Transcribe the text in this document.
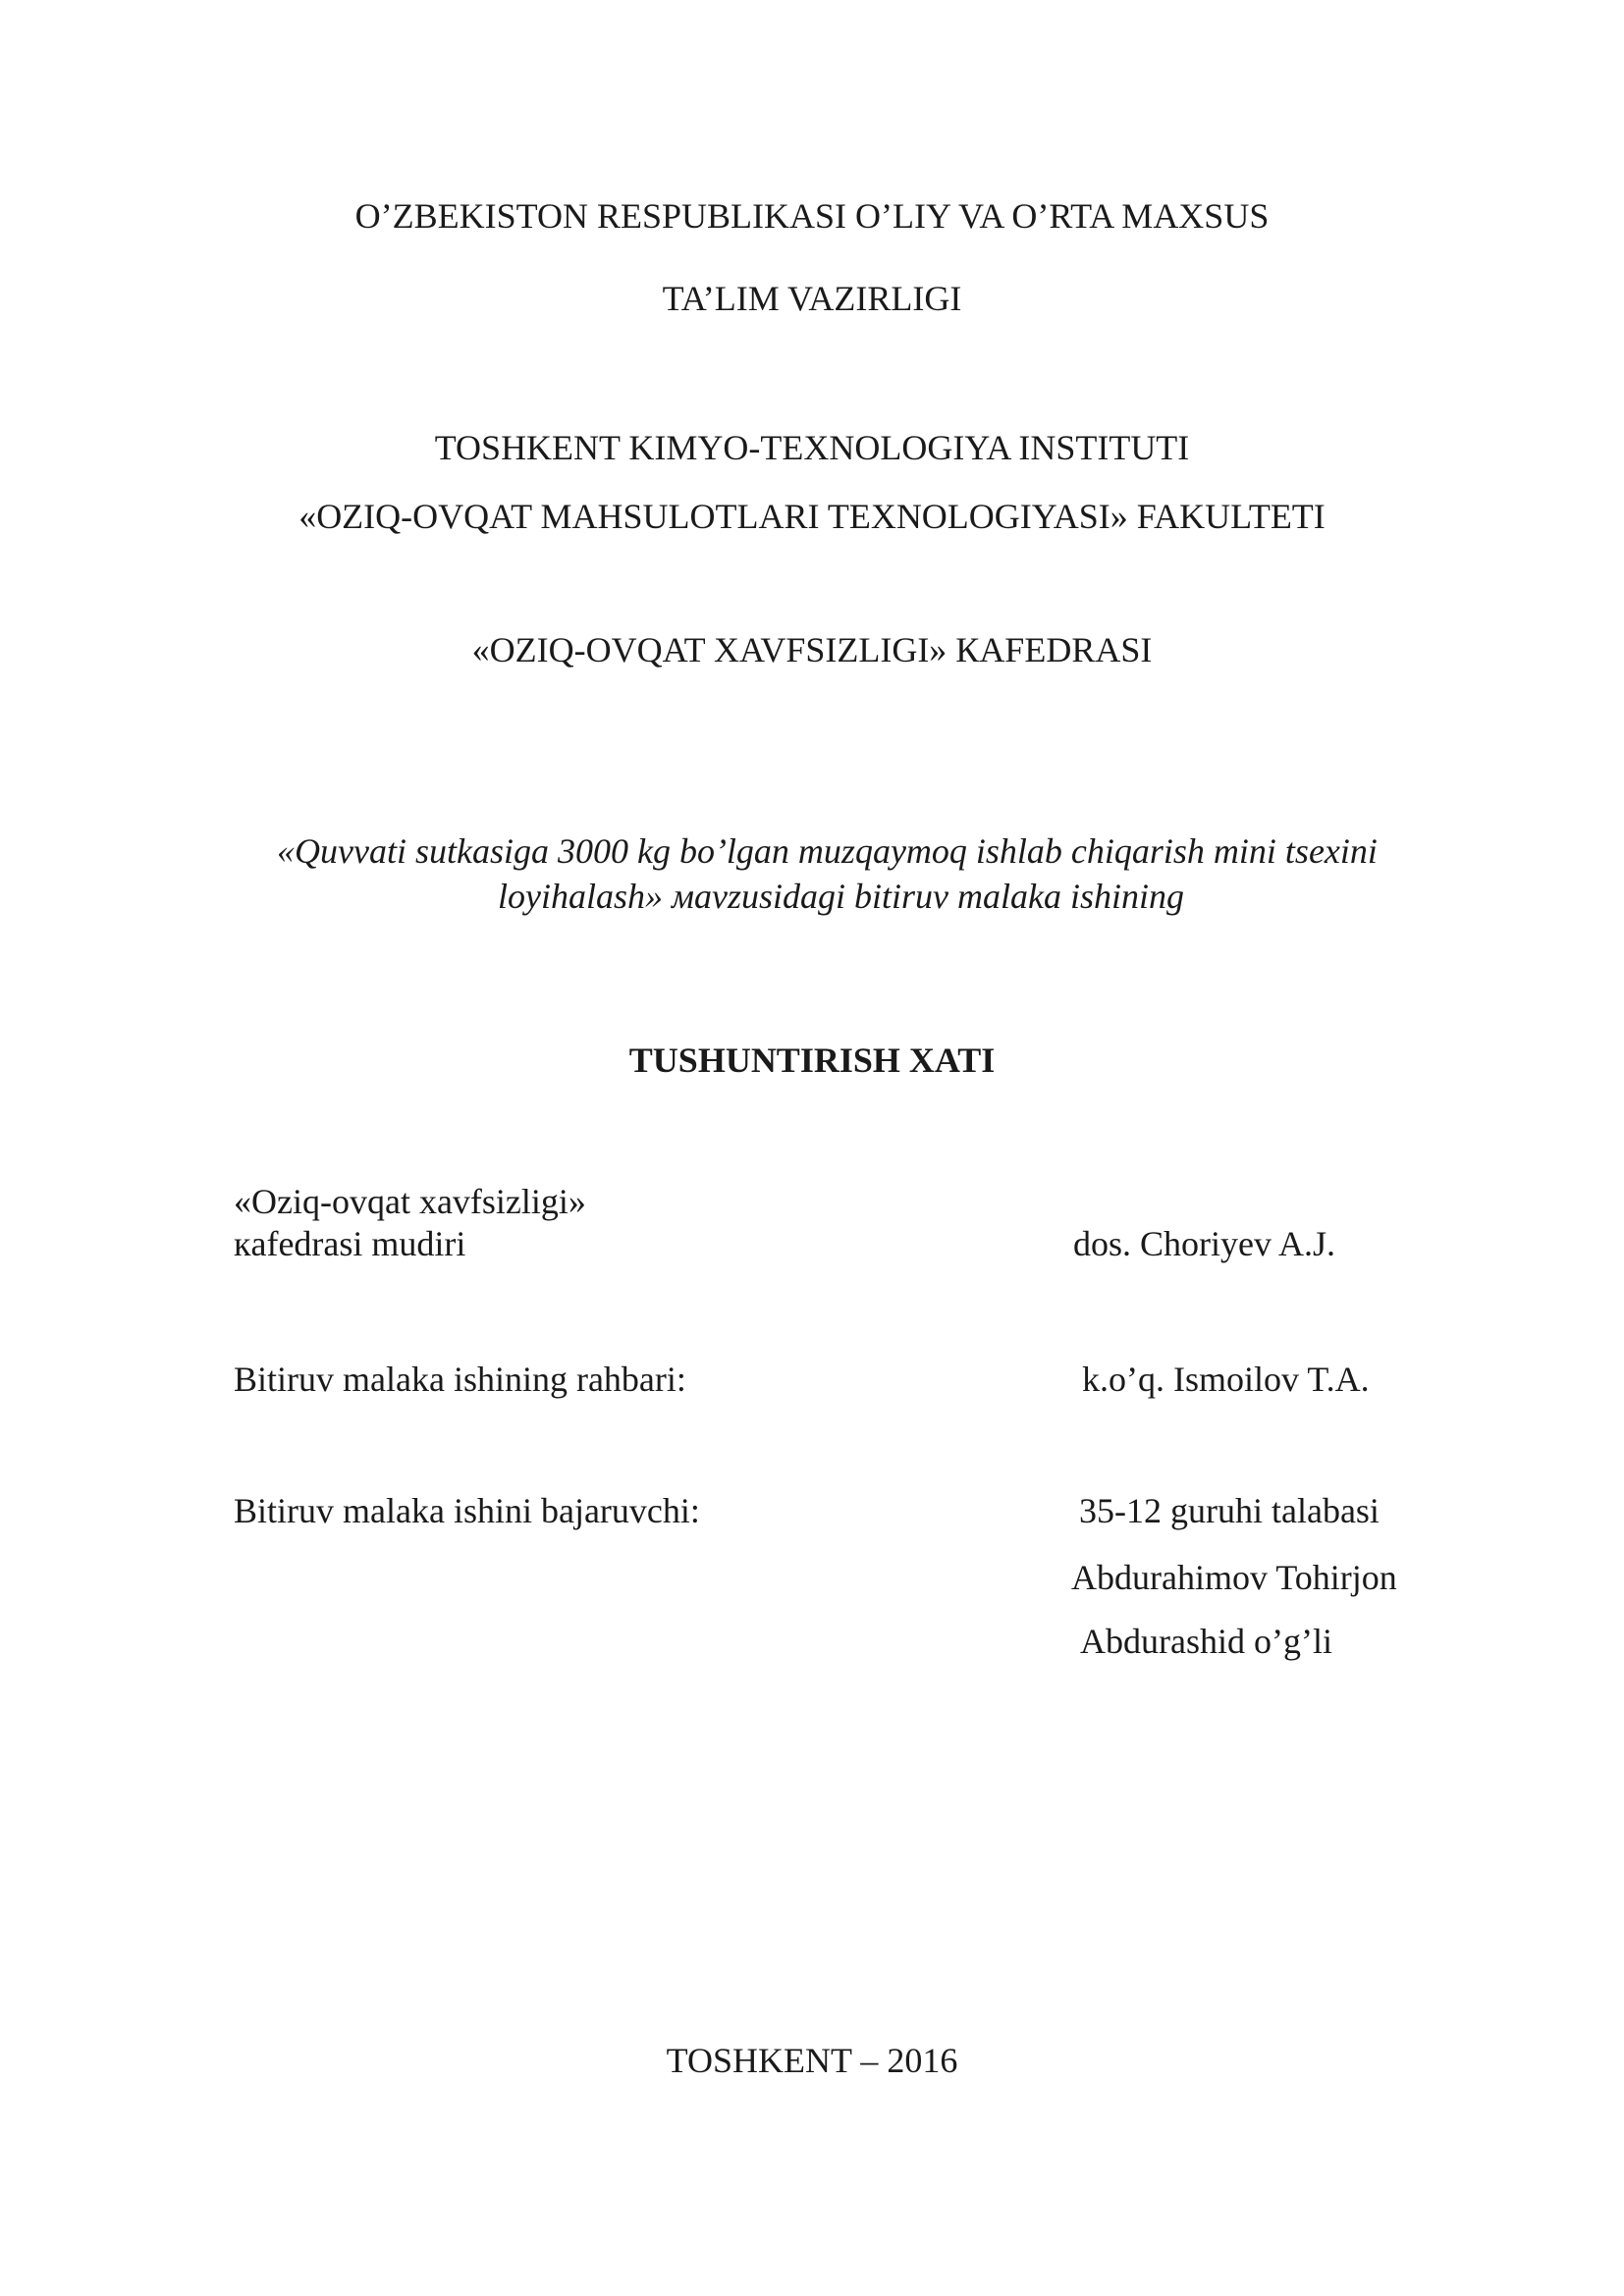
O’ZBEKISTON RESPUBLIKASI O’LIY VA O’RTA MAXSUS
TA’LIM VAZIRLIGI
TOSHKENT KIMYO-TEXNOLOGIYA INSTITUTI
«OZIQ-OVQAT MAHSULOTLARI TEXNOLOGIYASI» FAKULTETI
«OZIQ-OVQAT XAVFSIZLIGI» КAFEDRASI
«Quvvati sutkasiga 3000 kg bo’lgan muzqaymoq ishlab chiqarish mini tsexini
loyihalash» мavzusidagi bitiruv malaka ishining
TUSHUNTIRISH XATI
«Oziq-ovqat xavfsizligi»
кafedrasi mudiri	dos. Choriyev A.J.
Bitiruv malaka ishining rahbari:	k.o’q. Ismoilov T.A.
Bitiruv malaka ishini bajaruvchi:	35-12 guruhi talabasi
Abdurahimov Tohirjon
Abdurashid o’g’li
TOSHKENT – 2016
